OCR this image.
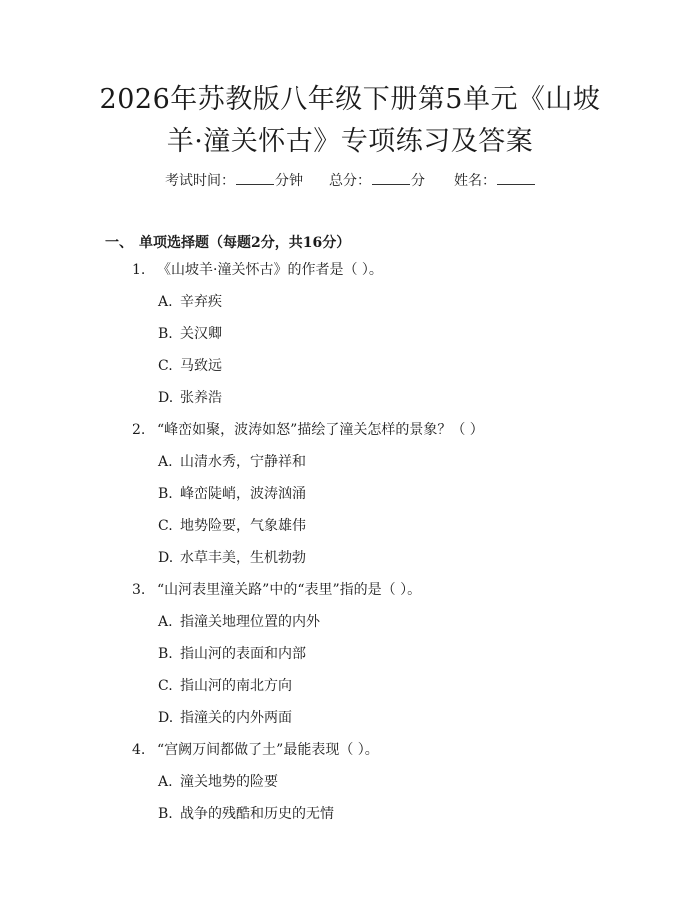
2026年苏教版八年级下册第5单元《山坡
羊·潼关怀古》专项练习及答案
考试时间：	分钟 总分：	分 姓名：
一、 单项选择题（每题2分，共16分）
1. 《山坡羊·潼关怀古》的作者是（ ）。
A. 辛弃疾
B. 关汉卿
C. 马致远
D. 张养浩
2. “峰峦如聚，波涛如怒”描绘了潼关怎样的景象？（ ）
A. 山清水秀，宁静祥和
B. 峰峦陡峭，波涛汹涌
C. 地势险要，气象雄伟
D. 水草丰美，生机勃勃
3. “山河表里潼关路”中的“表里”指的是（ ）。
A. 指潼关地理位置的内外
B. 指山河的表面和内部
C. 指山河的南北方向
D. 指潼关的内外两面
4. “宫阙万间都做了土”最能表现（ ）。
A. 潼关地势的险要
B. 战争的残酷和历史的无情
